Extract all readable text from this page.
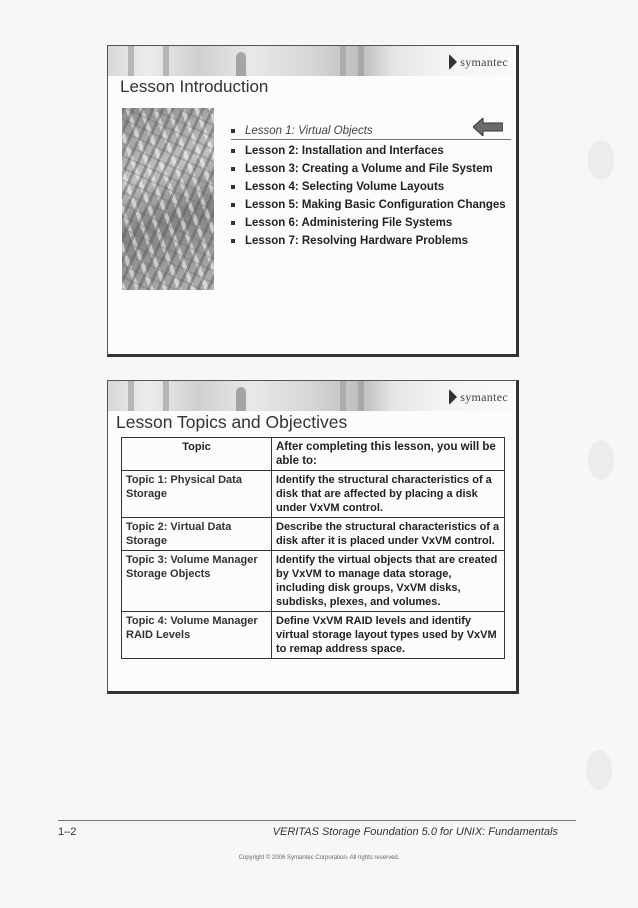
symantec
Lesson Introduction
Lesson 1: Virtual Objects
Lesson 2: Installation and Interfaces
Lesson 3: Creating a Volume and File System
Lesson 4: Selecting Volume Layouts
Lesson 5: Making Basic Configuration Changes
Lesson 6: Administering File Systems
Lesson 7: Resolving Hardware Problems
symantec
Lesson Topics and Objectives
Topic	After completing this lesson, you will be able to:
Topic 1: Physical Data Storage	Identify the structural characteristics of a disk that are affected by placing a disk under VxVM control.
Topic 2: Virtual Data Storage	Describe the structural characteristics of a disk after it is placed under VxVM control.
Topic 3: Volume Manager Storage Objects	Identify the virtual objects that are created by VxVM to manage data storage, including disk groups, VxVM disks, subdisks, plexes, and volumes.
Topic 4: Volume Manager RAID Levels	Define VxVM RAID levels and identify virtual storage layout types used by VxVM to remap address space.
1–2	VERITAS Storage Foundation 5.0 for UNIX: Fundamentals
Copyright © 2006 Symantec Corporation. All rights reserved.
